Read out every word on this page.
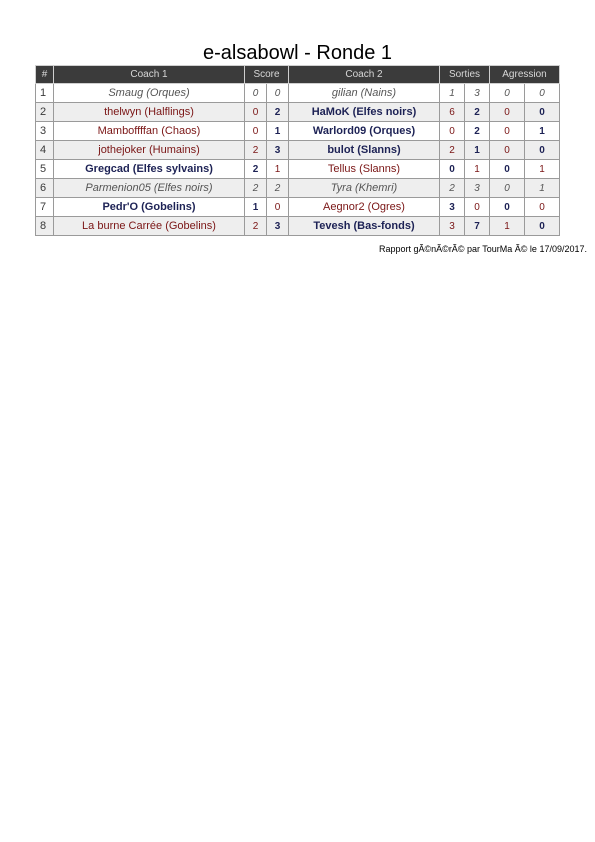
e-alsabowl - Ronde 1
#	Coach 1	Score		Coach 2	Sorties		Agression	
1	Smaug (Orques)	0	0	gilian (Nains)	1	3	0	0
2	thelwyn (Halflings)	0	2	HaMoK (Elfes noirs)	6	2	0	0
3	Mamboffffan (Chaos)	0	1	Warlord09 (Orques)	0	2	0	1
4	jothejoker (Humains)	2	3	bulot (Slanns)	2	1	0	0
5	Gregcad (Elfes sylvains)	2	1	Tellus (Slanns)	0	1	0	1
6	Parmenion05 (Elfes noirs)	2	2	Tyra (Khemri)	2	3	0	1
7	Pedr'O (Gobelins)	1	0	Aegnor2 (Ogres)	3	0	0	0
8	La burne Carrée (Gobelins)	2	3	Tevesh (Bas-fonds)	3	7	1	0
Rapport gÃ©nÃ©rÃ© par TourMa Ã© le 17/09/2017.
